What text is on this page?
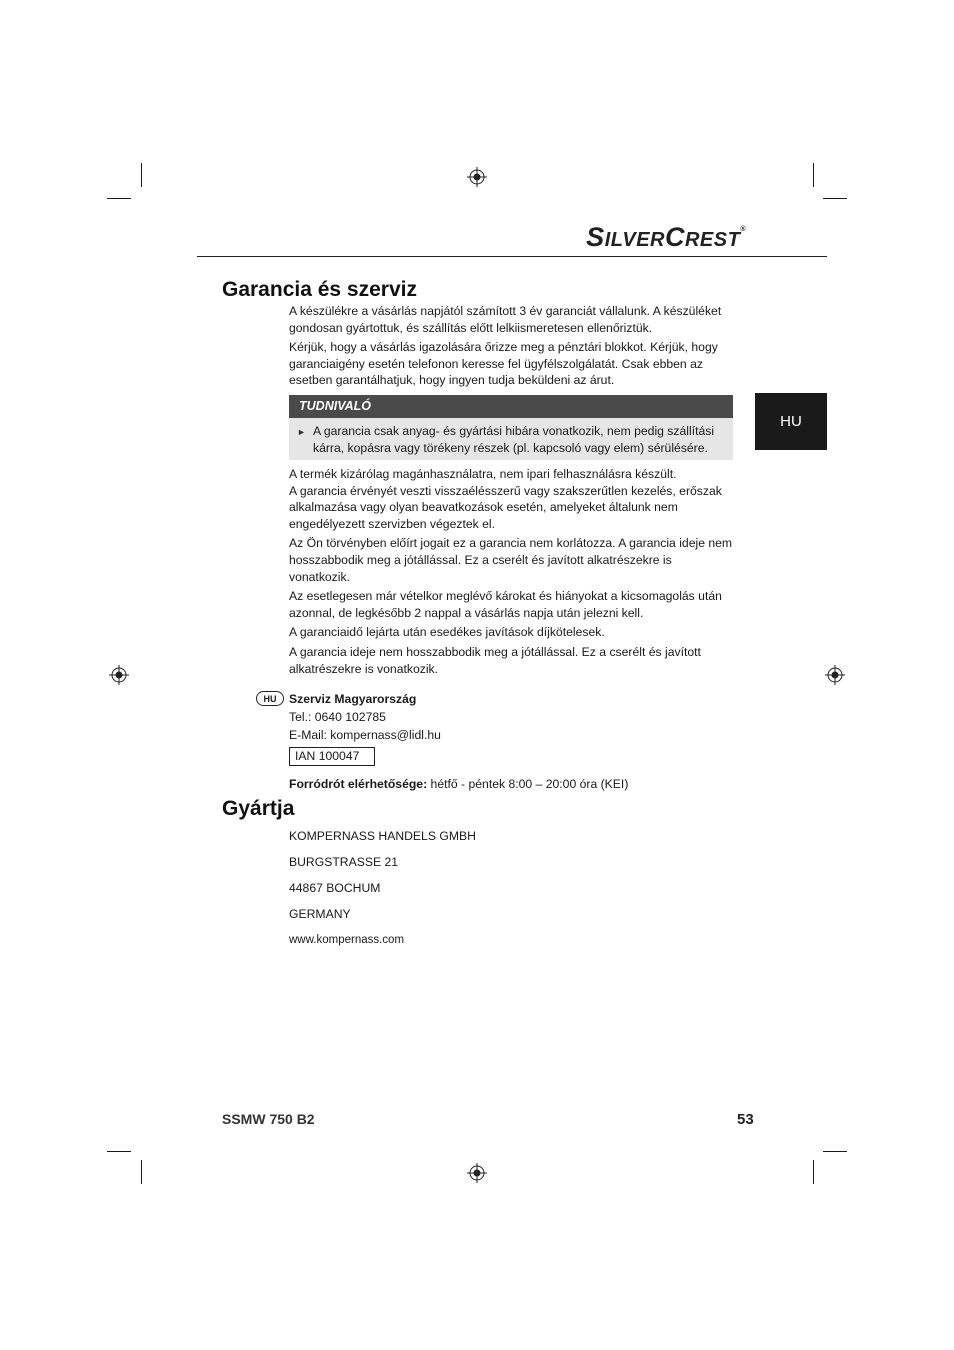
SILVERCREST®
HU
Garancia és szerviz

A készülékre a vásárlás napjától számított 3 év garanciát vállalunk. A készüléket gondosan gyártottuk, és szállítás előtt lelkiismeretesen ellenőriztük.

Kérjük, hogy a vásárlás igazolására őrizze meg a pénztári blokkot. Kérjük, hogy garanciaigény esetén telefonon keresse fel ügyfélszolgálatát. Csak ebben az esetben garantálhatjuk, hogy ingyen tudja beküldeni az árut.

TUDNIVALÓ
► A garancia csak anyag- és gyártási hibára vonatkozik, nem pedig szállítási kárra, kopásra vagy törékeny részek (pl. kapcsoló vagy elem) sérülésére.

A termék kizárólag magánhasználatra, nem ipari felhasználásra készült.

A garancia érvényét veszti visszaélésszerű vagy szakszerűtlen kezelés, erőszak alkalmazása vagy olyan beavatkozások esetén, amelyeket általunk nem engedélyezett szervizben végeztek el.

Az Ön törvényben előírt jogait ez a garancia nem korlátozza. A garancia ideje nem hosszabbodik meg a jótállással. Ez a cserélt és javított alkatrészekre is vonatkozik.

Az esetlegesen már vételkor meglévő károkat és hiányokat a kicsomagolás után azonnal, de legkésőbb 2 nappal a vásárlás napja után jelezni kell.

A garanciaidő lejárta után esedékes javítások díjkötelesek.

A garancia ideje nem hosszabbodik meg a jótállással. Ez a cserélt és javított alkatrészekre is vonatkozik.

HU	Szerviz Magyarország
Tel.: 0640 102785
E-Mail: kompernass@lidl.hu
IAN 100047
Forródrót elérhetősége: hétfő - péntek 8:00 – 20:00 óra (KEI)
Gyártja
KOMPERNASS HANDELS GMBH
BURGSTRASSE 21
44867 BOCHUM
GERMANY
www.kompernass.com
SSMW 750 B2	53
